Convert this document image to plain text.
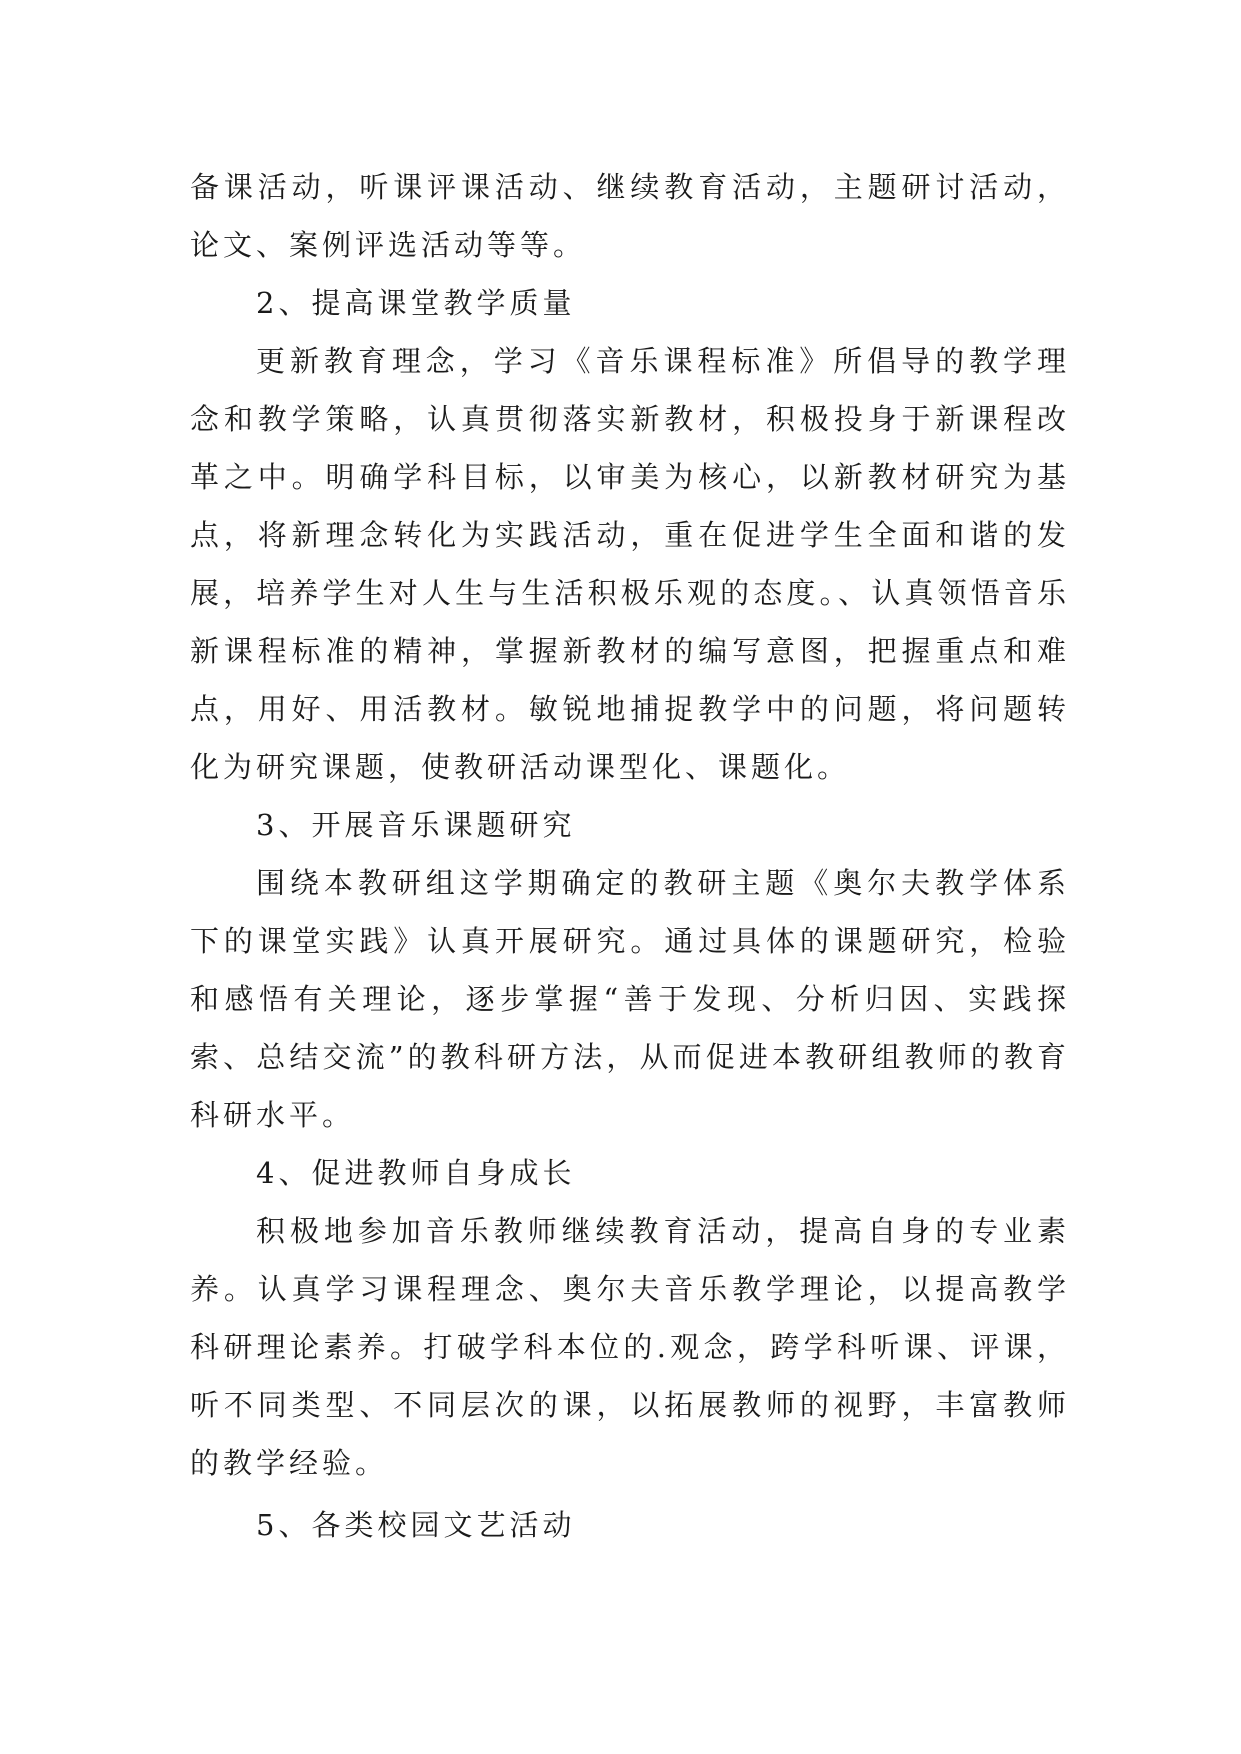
备课活动，听课评课活动、继续教育活动，主题研讨活动，论文、案例评选活动等等。

2、提高课堂教学质量

更新教育理念，学习《音乐课程标准》所倡导的教学理念和教学策略，认真贯彻落实新教材，积极投身于新课程改革之中。明确学科目标，以审美为核心，以新教材研究为基点，将新理念转化为实践活动，重在促进学生全面和谐的发展，培养学生对人生与生活积极乐观的态度。、认真领悟音乐新课程标准的精神，掌握新教材的编写意图，把握重点和难点，用好、用活教材。敏锐地捕捉教学中的问题，将问题转化为研究课题，使教研活动课型化、课题化。

3、开展音乐课题研究

围绕本教研组这学期确定的教研主题《奥尔夫教学体系下的课堂实践》认真开展研究。通过具体的课题研究，检验和感悟有关理论，逐步掌握“善于发现、分析归因、实践探索、总结交流”的教科研方法，从而促进本教研组教师的教育科研水平。

4、促进教师自身成长

积极地参加音乐教师继续教育活动，提高自身的专业素养。认真学习课程理念、奥尔夫音乐教学理论，以提高教学科研理论素养。打破学科本位的.观念，跨学科听课、评课，听不同类型、不同层次的课，以拓展教师的视野，丰富教师的教学经验。

5、各类校园文艺活动
